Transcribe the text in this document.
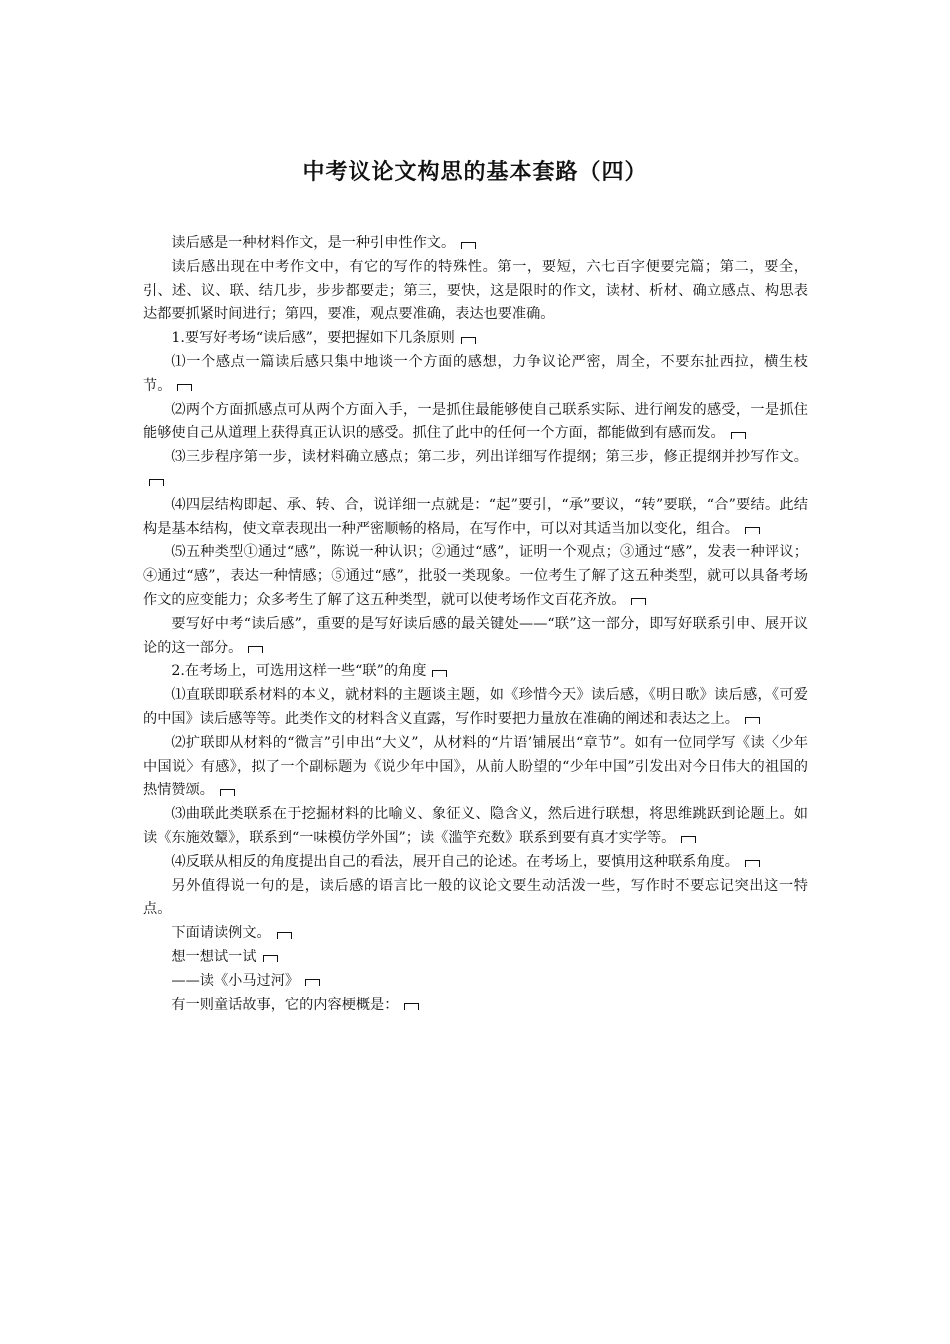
中考议论文构思的基本套路（四）

读后感是一种材料作文，是一种引申性作文。

读后感出现在中考作文中，有它的写作的特殊性。第一，要短，六七百字便要完篇；第二，要全，引、述、议、联、结几步，步步都要走；第三，要快，这是限时的作文，读材、析材、确立感点、构思表达都要抓紧时间进行；第四，要准，观点要准确，表达也要准确。

1.要写好考场“读后感”，要把握如下几条原则

⑴一个感点一篇读后感只集中地谈一个方面的感想，力争议论严密，周全，不要东扯西拉，横生枝节。

⑵两个方面抓感点可从两个方面入手，一是抓住最能够使自己联系实际、进行阐发的感受，一是抓住能够使自己从道理上获得真正认识的感受。抓住了此中的任何一个方面，都能做到有感而发。

⑶三步程序第一步，读材料确立感点；第二步，列出详细写作提纲；第三步，修正提纲并抄写作文。

⑷四层结构即起、承、转、合，说详细一点就是：“起”要引，“承”要议，“转”要联，“合”要结。此结构是基本结构，使文章表现出一种严密顺畅的格局，在写作中，可以对其适当加以变化，组合。

⑸五种类型①通过“感”，陈说一种认识；②通过“感”，证明一个观点；③通过“感”，发表一种评议；④通过“感”，表达一种情感；⑤通过“感”，批驳一类现象。一位考生了解了这五种类型，就可以具备考场作文的应变能力；众多考生了解了这五种类型，就可以使考场作文百花齐放。

要写好中考“读后感”，重要的是写好读后感的最关键处——“联”这一部分，即写好联系引申、展开议论的这一部分。

2.在考场上，可选用这样一些“联”的角度

⑴直联即联系材料的本义，就材料的主题谈主题，如《珍惜今天》读后感，《明日歌》读后感，《可爱的中国》读后感等等。此类作文的材料含义直露，写作时要把力量放在准确的阐述和表达之上。

⑵扩联即从材料的“微言”引申出“大义”，从材料的“片语’铺展出“章节”。如有一位同学写《读〈少年中国说〉有感》，拟了一个副标题为《说少年中国》，从前人盼望的“少年中国”引发出对今日伟大的祖国的热情赞颂。

⑶曲联此类联系在于挖掘材料的比喻义、象征义、隐含义，然后进行联想，将思维跳跃到论题上。如读《东施效颦》，联系到“一味模仿学外国”；读《滥竽充数》联系到要有真才实学等。

⑷反联从相反的角度提出自己的看法，展开自己的论述。在考场上，要慎用这种联系角度。

另外值得说一句的是，读后感的语言比一般的议论文要生动活泼一些，写作时不要忘记突出这一特点。

下面请读例文。

想一想试一试

——读《小马过河》

有一则童话故事，它的内容梗概是：
